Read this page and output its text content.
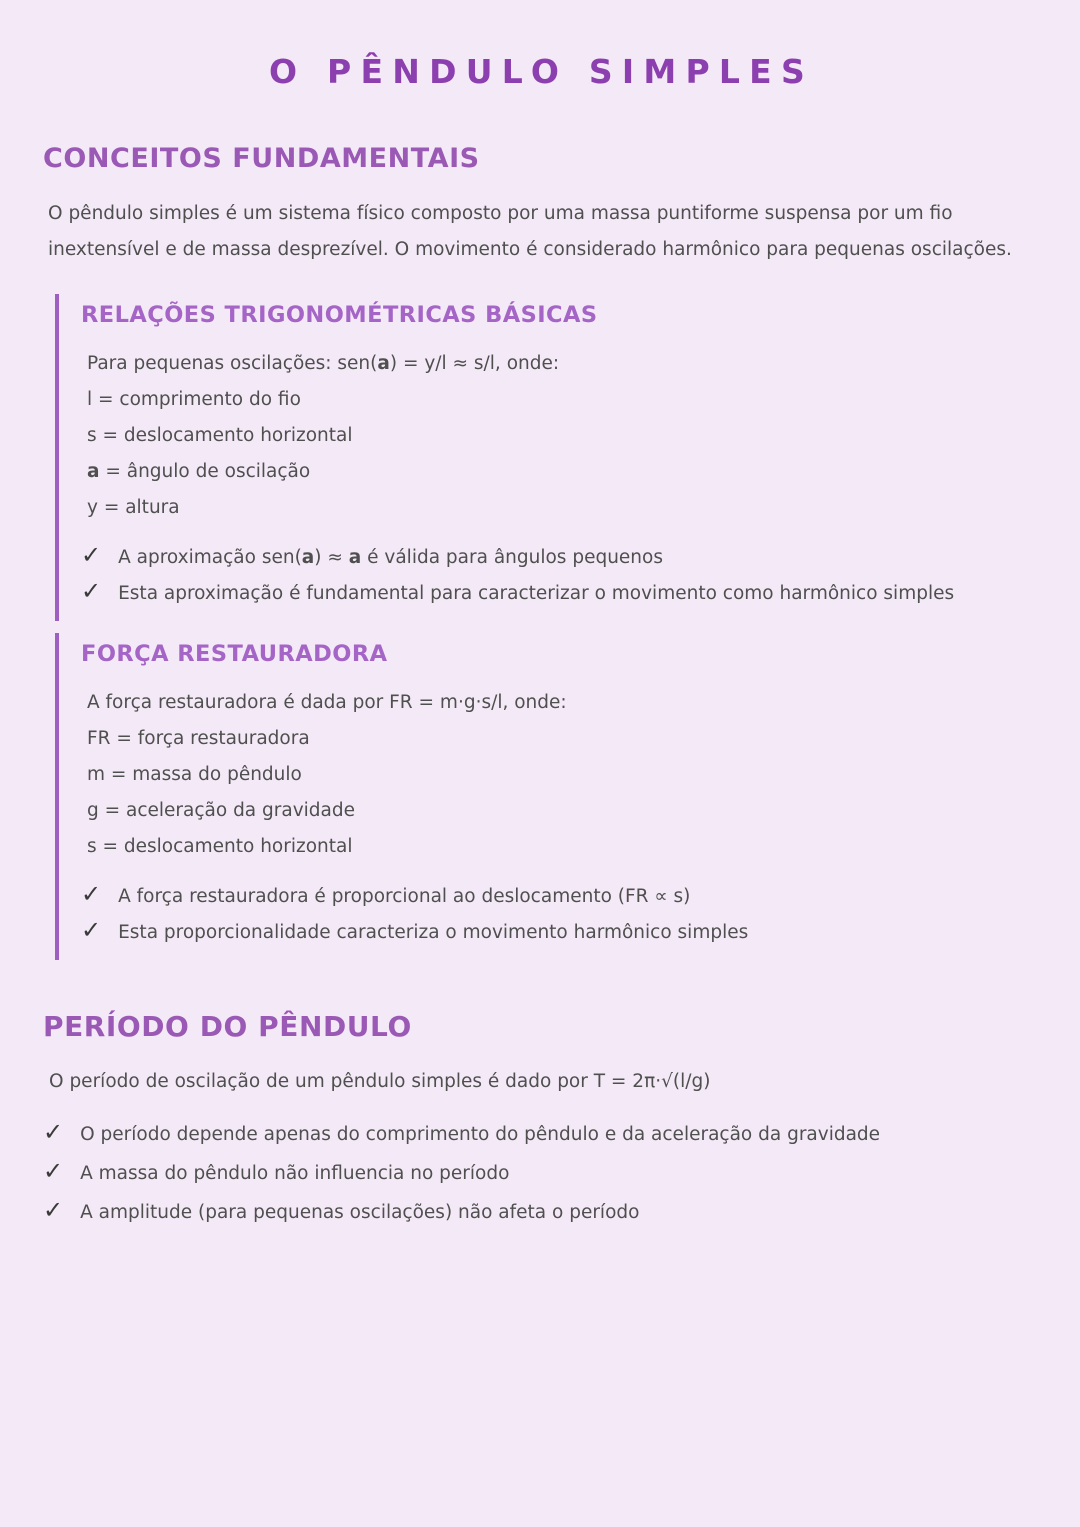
O PÊNDULO SIMPLES
CONCEITOS FUNDAMENTAIS

O pêndulo simples é um sistema físico composto por uma massa puntiforme suspensa por um fio inextensível e de massa desprezível. O movimento é considerado harmônico para pequenas oscilações.

RELAÇÕES TRIGONOMÉTRICAS BÁSICAS

Para pequenas oscilações: sen(a) = y/l ≈ s/l, onde:

l = comprimento do fio

s = deslocamento horizontal

a = ângulo de oscilação

y = altura

✓ A aproximação sen(a) ≈ a é válida para ângulos pequenos
✓ Esta aproximação é fundamental para caracterizar o movimento como harmônico simples
FORÇA RESTAURADORA

A força restauradora é dada por FR = m·g·s/l, onde:

FR = força restauradora

m = massa do pêndulo

g = aceleração da gravidade

s = deslocamento horizontal

✓ A força restauradora é proporcional ao deslocamento (FR ∝ s)
✓ Esta proporcionalidade caracteriza o movimento harmônico simples
PERÍODO DO PÊNDULO

O período de oscilação de um pêndulo simples é dado por T = 2π·√(l/g)

✓ O período depende apenas do comprimento do pêndulo e da aceleração da gravidade
✓ A massa do pêndulo não influencia no período
✓ A amplitude (para pequenas oscilações) não afeta o período
